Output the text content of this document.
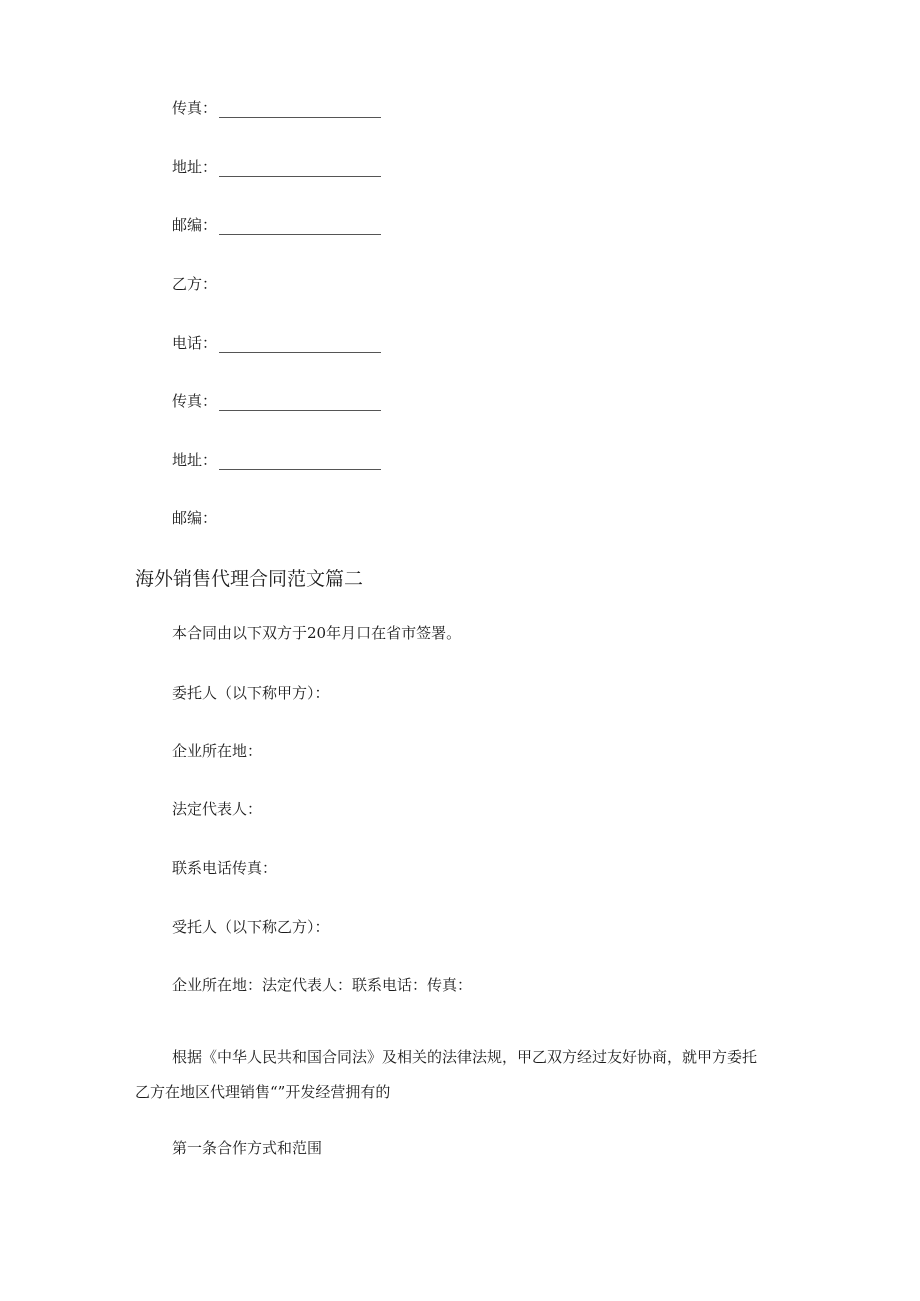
传真：
地址：
邮编：
乙方：
电话：
传真：
地址：
邮编：
海外销售代理合同范文篇二
本合同由以下双方于20年月口在省市签署。
委托人（以下称甲方）：
企业所在地：
法定代表人：
联系电话传真：
受托人（以下称乙方）：
企业所在地：法定代表人：联系电话：传真：
根据《中华人民共和国合同法》及相关的法律法规，甲乙双方经过友好协商，就甲方委托
乙方在地区代理销售“”开发经营拥有的
第一条合作方式和范围
